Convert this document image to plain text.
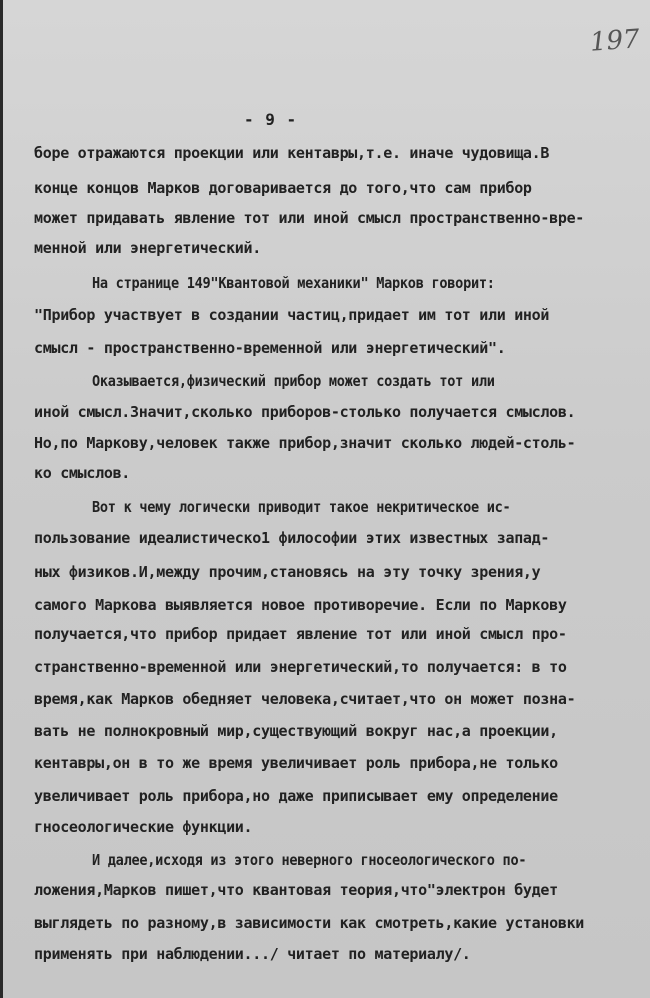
197
- 9 -
боре отражаются проекции или кентавры,т.е. иначе чудовища.В
конце концов Марков договаривается до того,что сам прибор
может придавать явление тот или иной смысл пространственно-вре-
менной или энергетический.
На странице 149"Квантовой механики" Марков говорит:
"Прибор участвует в создании частиц,придает им тот или иной
смысл - пространственно-временной или энергетический".
Оказывается,физический прибор может создать тот или
иной смысл.Значит,сколько приборов-столько получается смыслов.
Но,по Маркову,человек также прибор,значит сколько людей-столь-
ко смыслов.
Вот к чему логически приводит такое некритическое ис-
пользование идеалистическо1 философии этих известных запад-
ных физиков.И,между прочим,становясь на эту точку зрения,у
самого Маркова выявляется новое противоречие. Если по Маркову
получается,что прибор придает явление тот или иной смысл про-
странственно-временной или энергетический,то получается: в то
время,как Марков обедняет человека,считает,что он может позна-
вать не полнокровный мир,существующий вокруг нас,а проекции,
кентавры,он в то же время увеличивает роль прибора,не только
увеличивает роль прибора,но даже приписывает ему определение
гносеологические функции.
И далее,исходя из этого неверного гносеологического по-
ложения,Марков пишет,что квантовая теория,что"электрон будет
выглядеть по разному,в зависимости как смотреть,какие установки
применять при наблюдении.../ читает по материалу/.
